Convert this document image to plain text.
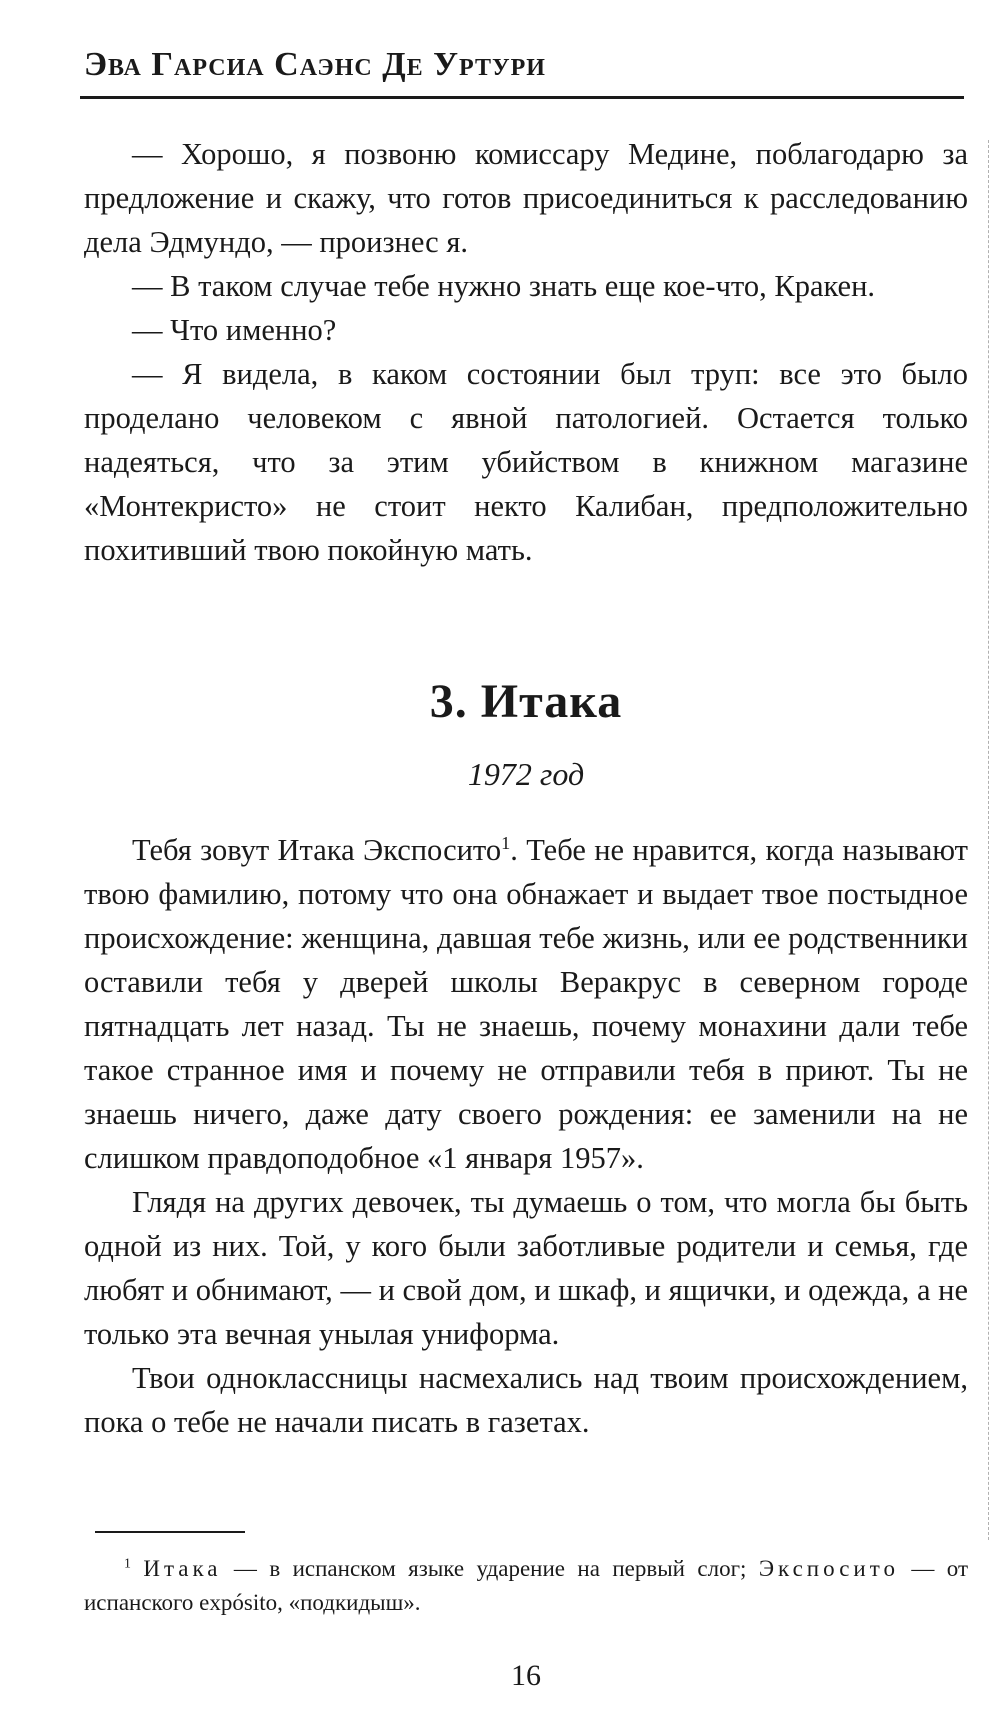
Эва Гарсиа Саэнс Де Уртури

— Хорошо, я позвоню комиссару Медине, поблагодарю за предложение и скажу, что готов присоединиться к расследованию дела Эдмундо, — произнес я.

— В таком случае тебе нужно знать еще кое-что, Кракен.

— Что именно?

— Я видела, в каком состоянии был труп: все это было проделано человеком с явной патологией. Остается только надеяться, что за этим убийством в книжном магазине «Монтекристо» не стоит некто Калибан, предположительно похитивший твою покойную мать.

3. Итака
1972 год

Тебя зовут Итака Экспосито$^1$. Тебе не нравится, когда называют твою фамилию, потому что она обнажает и выдает твое постыдное происхождение: женщина, давшая тебе жизнь, или ее родственники оставили тебя у дверей школы Веракрус в северном городе пятнадцать лет назад. Ты не знаешь, почему монахини дали тебе такое странное имя и почему не отправили тебя в приют. Ты не знаешь ничего, даже дату своего рождения: ее заменили на не слишком правдоподобное «1 января 1957».

Глядя на других девочек, ты думаешь о том, что могла бы быть одной из них. Той, у кого были заботливые родители и семья, где любят и обнимают, — и свой дом, и шкаф, и ящички, и одежда, а не только эта вечная унылая униформа.

Твои одноклассницы насмехались над твоим происхождением, пока о тебе не начали писать в газетах.

$^1$ Итака — в испанском языке ударение на первый слог; Экспосито — от испанского expósito, «подкидыш».

16
